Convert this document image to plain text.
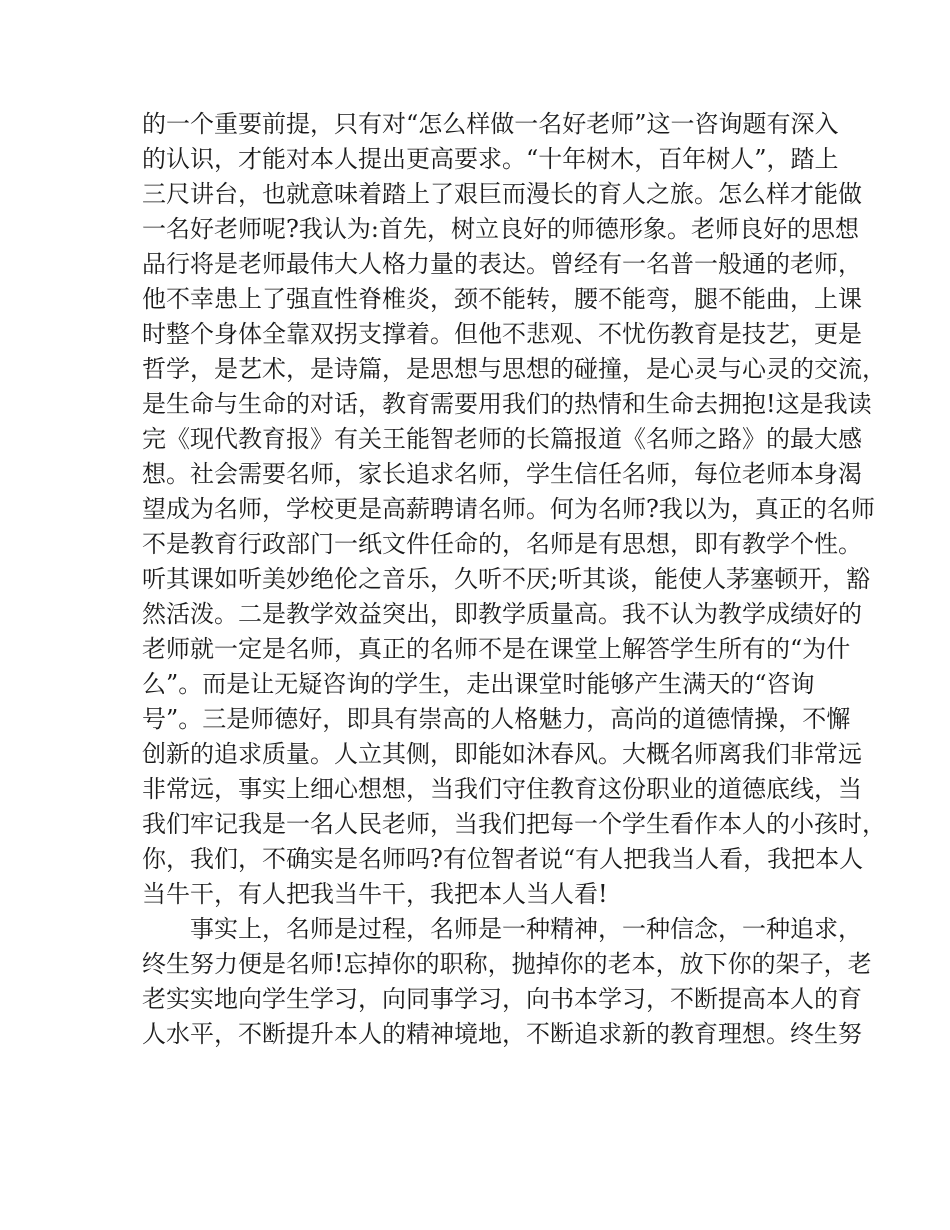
的一个重要前提，只有对“怎么样做一名好老师”这一咨询题有深入
的认识，才能对本人提出更高要求。“十年树木，百年树人”，踏上
三尺讲台，也就意味着踏上了艰巨而漫长的育人之旅。怎么样才能做
一名好老师呢?我认为:首先，树立良好的师德形象。老师良好的思想
品行将是老师最伟大人格力量的表达。曾经有一名普一般通的老师，
他不幸患上了强直性脊椎炎，颈不能转，腰不能弯，腿不能曲，上课
时整个身体全靠双拐支撑着。但他不悲观、不忧伤教育是技艺，更是
哲学，是艺术，是诗篇，是思想与思想的碰撞，是心灵与心灵的交流，
是生命与生命的对话，教育需要用我们的热情和生命去拥抱!这是我读
完《现代教育报》有关王能智老师的长篇报道《名师之路》的最大感
想。社会需要名师，家长追求名师，学生信任名师，每位老师本身渴
望成为名师，学校更是高薪聘请名师。何为名师?我以为，真正的名师
不是教育行政部门一纸文件任命的，名师是有思想，即有教学个性。
听其课如听美妙绝伦之音乐，久听不厌;听其谈，能使人茅塞顿开，豁
然活泼。二是教学效益突出，即教学质量高。我不认为教学成绩好的
老师就一定是名师，真正的名师不是在课堂上解答学生所有的“为什
么”。而是让无疑咨询的学生，走出课堂时能够产生满天的“咨询
号”。三是师德好，即具有崇高的人格魅力，高尚的道德情操，不懈
创新的追求质量。人立其侧，即能如沐春风。大概名师离我们非常远
非常远，事实上细心想想，当我们守住教育这份职业的道德底线，当
我们牢记我是一名人民老师，当我们把每一个学生看作本人的小孩时，
你，我们，不确实是名师吗?有位智者说“有人把我当人看，我把本人
当牛干，有人把我当牛干，我把本人当人看!
事实上，名师是过程，名师是一种精神，一种信念，一种追求，
终生努力便是名师!忘掉你的职称，抛掉你的老本，放下你的架子，老
老实实地向学生学习，向同事学习，向书本学习，不断提高本人的育
人水平，不断提升本人的精神境地，不断追求新的教育理想。终生努
